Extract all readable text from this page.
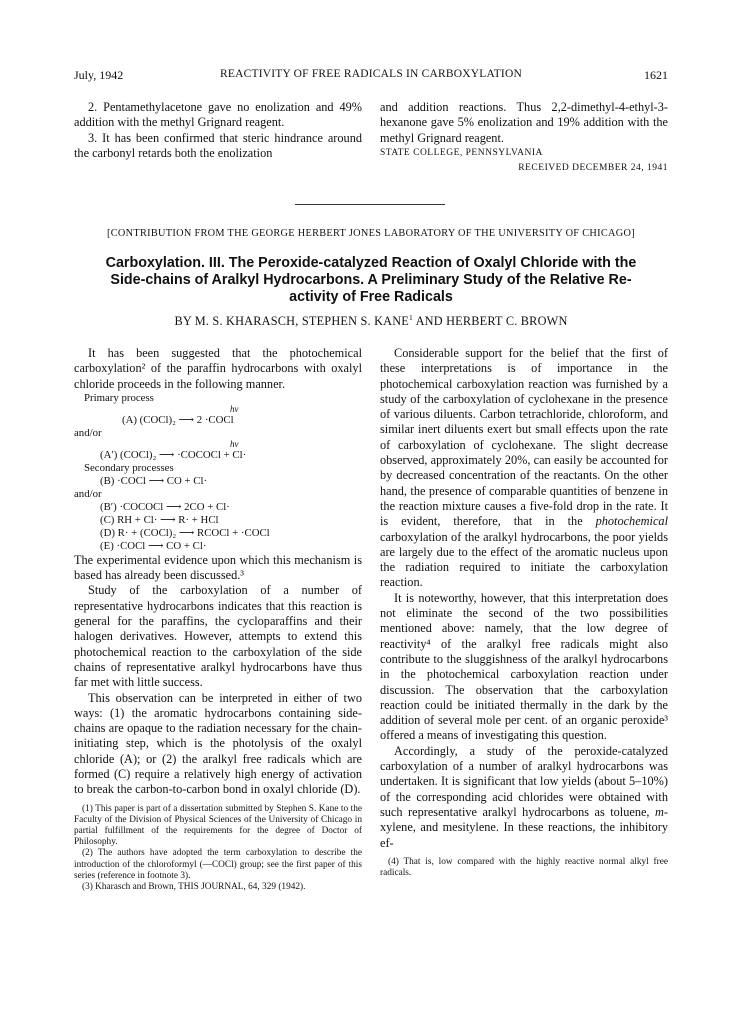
July, 1942	REACTIVITY OF FREE RADICALS IN CARBOXYLATION	1621

2. Pentamethylacetone gave no enolization and 49% addition with the methyl Grignard reagent.

3. It has been confirmed that steric hindrance around the carbonyl retards both the enolization

and addition reactions. Thus 2,2-dimethyl-4-ethyl-3-hexanone gave 5% enolization and 19% addition with the methyl Grignard reagent.

STATE COLLEGE, PENNSYLVANIA

RECEIVED DECEMBER 24, 1941

[CONTRIBUTION FROM THE GEORGE HERBERT JONES LABORATORY OF THE UNIVERSITY OF CHICAGO]
Carboxylation. III. The Peroxide-catalyzed Reaction of Oxalyl Chloride with the
Side-chains of Aralkyl Hydrocarbons. A Preliminary Study of the Relative Re-
activity of Free Radicals
BY M. S. KHARASCH, STEPHEN S. KANE$^1$ AND HERBERT C. BROWN

It has been suggested that the photochemical carboxylation² of the paraffin hydrocarbons with oxalyl chloride proceeds in the following manner.

Primary process
hν
(A) (COCl)₂ ⟶ 2 ·COCl
and/or
hν
(A′) (COCl)₂ ⟶ ·COCOCl + Cl·
Secondary processes
(B) ·COCl ⟶ CO + Cl·
and/or
(B′) ·COCOCl ⟶ 2CO + Cl·
(C) RH + Cl· ⟶ R· + HCl
(D) R· + (COCl)₂ ⟶ RCOCl + ·COCl
(E) ·COCl ⟶ CO + Cl·

The experimental evidence upon which this mechanism is based has already been discussed.³

Study of the carboxylation of a number of representative hydrocarbons indicates that this reaction is general for the paraffins, the cycloparaffins and their halogen derivatives. However, attempts to extend this photochemical reaction to the carboxylation of the side chains of representative aralkyl hydrocarbons have thus far met with little success.

This observation can be interpreted in either of two ways: (1) the aromatic hydrocarbons containing side-chains are opaque to the radiation necessary for the chain-initiating step, which is the photolysis of the oxalyl chloride (A); or (2) the aralkyl free radicals which are formed (C) require a relatively high energy of activation to break the carbon-to-carbon bond in oxalyl chloride (D).

(1) This paper is part of a dissertation submitted by Stephen S. Kane to the Faculty of the Division of Physical Sciences of the University of Chicago in partial fulfillment of the requirements for the degree of Doctor of Philosophy.

(2) The authors have adopted the term carboxylation to describe the introduction of the chloroformyl (—COCl) group; see the first paper of this series (reference in footnote 3).

(3) Kharasch and Brown, THIS JOURNAL, 64, 329 (1942).

Considerable support for the belief that the first of these interpretations is of importance in the photochemical carboxylation reaction was furnished by a study of the carboxylation of cyclohexane in the presence of various diluents. Carbon tetrachloride, chloroform, and similar inert diluents exert but small effects upon the rate of carboxylation of cyclohexane. The slight decrease observed, approximately 20%, can easily be accounted for by decreased concentration of the reactants. On the other hand, the presence of comparable quantities of benzene in the reaction mixture causes a five-fold drop in the rate. It is evident, therefore, that in the photochemical carboxylation of the aralkyl hydrocarbons, the poor yields are largely due to the effect of the aromatic nucleus upon the radiation required to initiate the carboxylation reaction.

It is noteworthy, however, that this interpretation does not eliminate the second of the two possibilities mentioned above: namely, that the low degree of reactivity⁴ of the aralkyl free radicals might also contribute to the sluggishness of the aralkyl hydrocarbons in the photochemical carboxylation reaction under discussion. The observation that the carboxylation reaction could be initiated thermally in the dark by the addition of several mole per cent. of an organic peroxide³ offered a means of investigating this question.

Accordingly, a study of the peroxide-catalyzed carboxylation of a number of aralkyl hydrocarbons was undertaken. It is significant that low yields (about 5–10%) of the corresponding acid chlorides were obtained with such representative aralkyl hydrocarbons as toluene, m-xylene, and mesitylene. In these reactions, the inhibitory ef-

(4) That is, low compared with the highly reactive normal alkyl free radicals.
